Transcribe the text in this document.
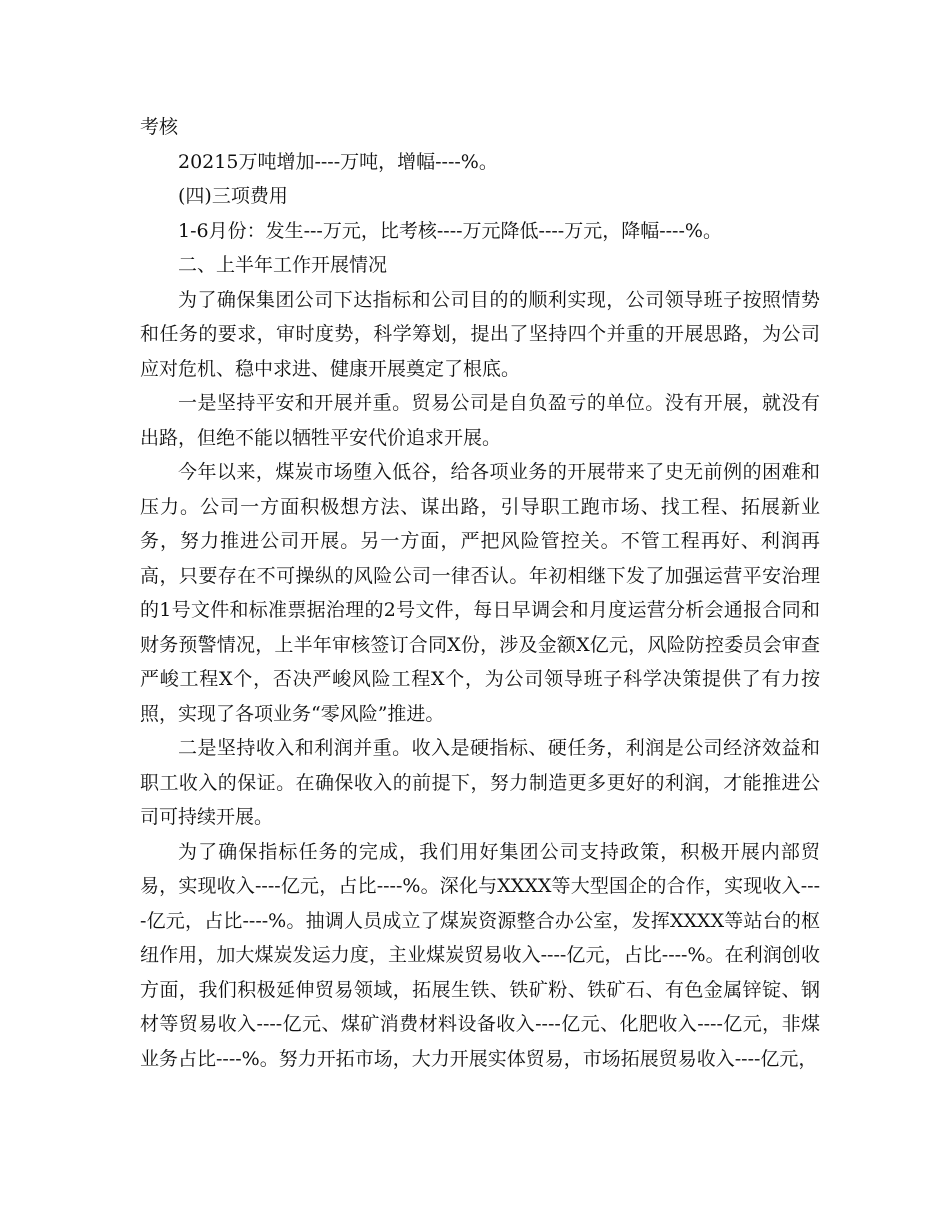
考核

20215万吨增加----万吨，增幅----%。

(四)三项费用

1-6月份：发生---万元，比考核----万元降低----万元，降幅----%。

二、上半年工作开展情况

为了确保集团公司下达指标和公司目的的顺利实现，公司领导班子按照情势和任务的要求，审时度势，科学筹划，提出了坚持四个并重的开展思路，为公司应对危机、稳中求进、健康开展奠定了根底。

一是坚持平安和开展并重。贸易公司是自负盈亏的单位。没有开展，就没有出路，但绝不能以牺牲平安代价追求开展。

今年以来，煤炭市场堕入低谷，给各项业务的开展带来了史无前例的困难和压力。公司一方面积极想方法、谋出路，引导职工跑市场、找工程、拓展新业务，努力推进公司开展。另一方面，严把风险管控关。不管工程再好、利润再高，只要存在不可操纵的风险公司一律否认。年初相继下发了加强运营平安治理的1号文件和标准票据治理的2号文件，每日早调会和月度运营分析会通报合同和财务预警情况，上半年审核签订合同X份，涉及金额X亿元，风险防控委员会审查严峻工程X个，否决严峻风险工程X个，为公司领导班子科学决策提供了有力按照，实现了各项业务“零风险”推进。

二是坚持收入和利润并重。收入是硬指标、硬任务，利润是公司经济效益和职工收入的保证。在确保收入的前提下，努力制造更多更好的利润，才能推进公司可持续开展。

为了确保指标任务的完成，我们用好集团公司支持政策，积极开展内部贸易，实现收入----亿元，占比----%。深化与XXXX等大型国企的合作，实现收入----亿元，占比----%。抽调人员成立了煤炭资源整合办公室，发挥XXXX等站台的枢纽作用，加大煤炭发运力度，主业煤炭贸易收入----亿元，占比----%。在利润创收方面，我们积极延伸贸易领域，拓展生铁、铁矿粉、铁矿石、有色金属锌锭、钢材等贸易收入----亿元、煤矿消费材料设备收入----亿元、化肥收入----亿元，非煤业务占比----%。努力开拓市场，大力开展实体贸易，市场拓展贸易收入----亿元，
